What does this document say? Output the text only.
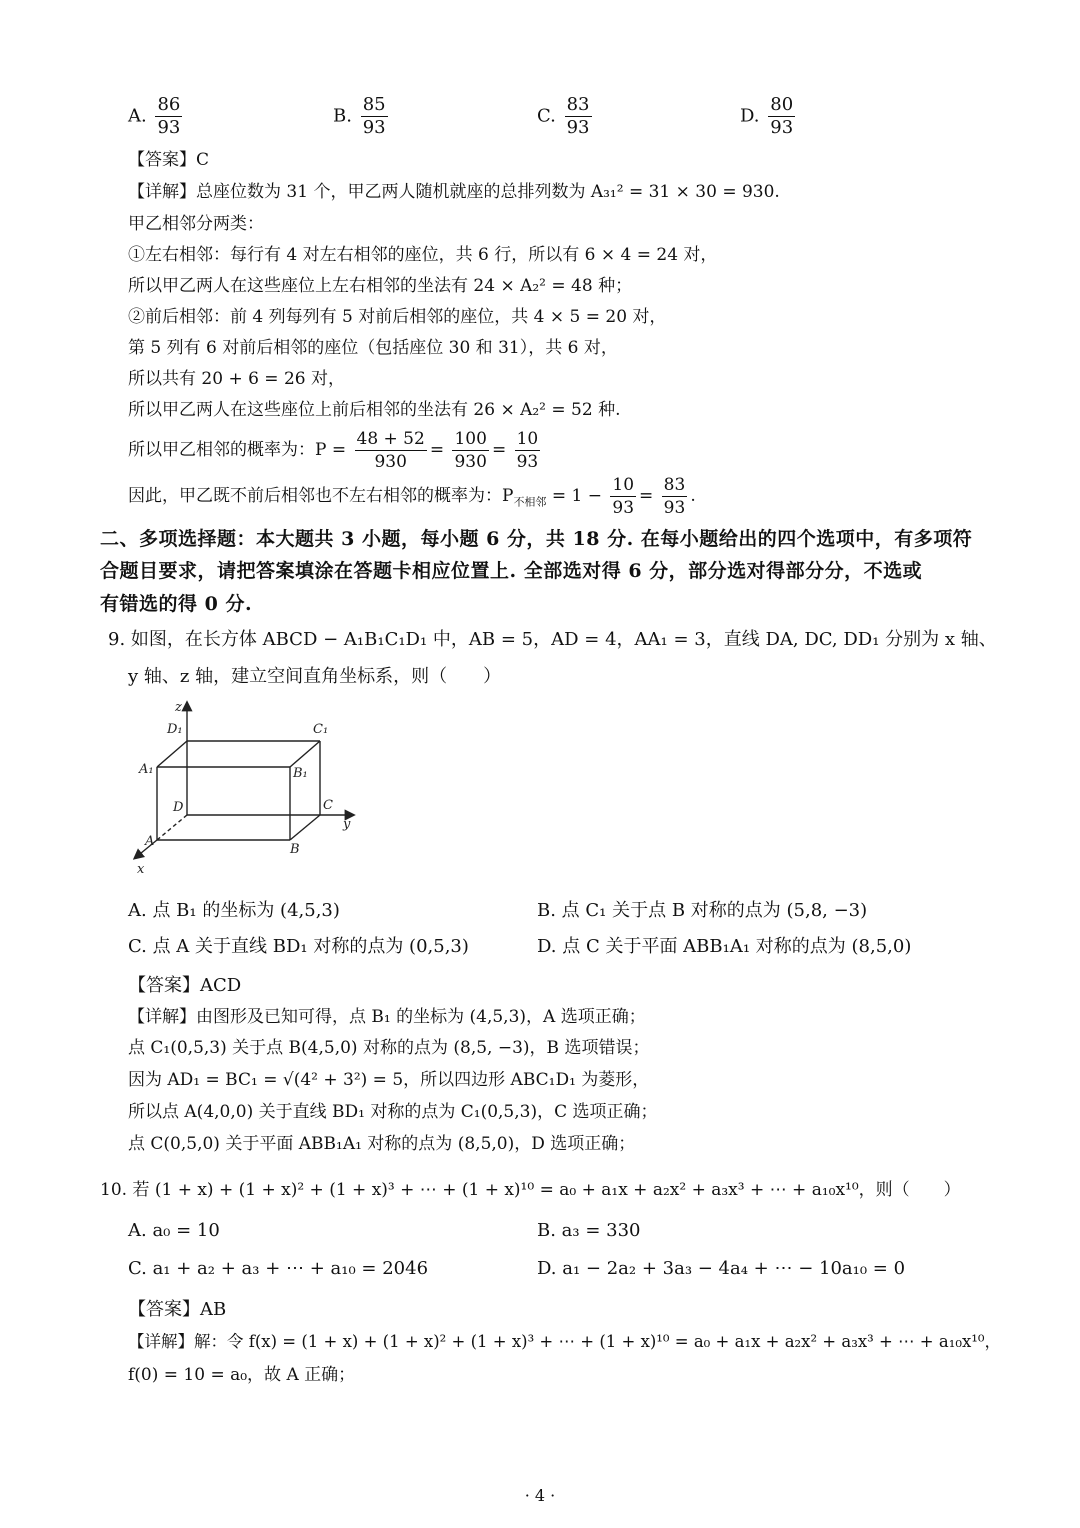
A. $\frac{86}{93}$	B. $\frac{85}{93}$	C. $\frac{83}{93}$	D. $\frac{80}{93}$
【答案】C
【详解】总座位数为 31 个，甲乙两人随机就座的总排列数为 A₃₁² = 31 × 30 = 930.
甲乙相邻分两类：
①左右相邻：每行有 4 对左右相邻的座位，共 6 行，所以有 6 × 4 = 24 对，
所以甲乙两人在这些座位上左右相邻的坐法有 24 × A₂² = 48 种；
②前后相邻：前 4 列每列有 5 对前后相邻的座位，共 4 × 5 = 20 对，
第 5 列有 6 对前后相邻的座位（包括座位 30 和 31），共 6 对，
所以共有 20 + 6 = 26 对，
所以甲乙两人在这些座位上前后相邻的坐法有 26 × A₂² = 52 种.
所以甲乙相邻的概率为：$P = \frac{48 + 52}{930} = \frac{100}{930} = \frac{10}{93}$
因此，甲乙既不前后相邻也不左右相邻的概率为：$P_{不相邻} = 1 - \frac{10}{93} = \frac{83}{93}$ .
二、多项选择题：本大题共 3 小题，每小题 6 分，共 18 分. 在每小题给出的四个选项中，有多项符
合题目要求，请把答案填涂在答题卡相应位置上. 全部选对得 6 分，部分选对得部分分，不选或
有错选的得 0 分.
9. 如图，在长方体 ABCD − A₁B₁C₁D₁ 中，AB = 5，AD = 4，AA₁ = 3，直线 DA, DC, DD₁ 分别为 x 轴、
y 轴、z 轴，建立空间直角坐标系，则（　　）
z
D₁	C₁
A₁	B₁
D	C
y
A
B
x
A. 点 B₁ 的坐标为 (4,5,3)	B. 点 C₁ 关于点 B 对称的点为 (5,8, −3)
C. 点 A 关于直线 BD₁ 对称的点为 (0,5,3)	D. 点 C 关于平面 ABB₁A₁ 对称的点为 (8,5,0)
【答案】ACD
【详解】由图形及已知可得，点 B₁ 的坐标为 (4,5,3)，A 选项正确；
点 C₁(0,5,3) 关于点 B(4,5,0) 对称的点为 (8,5, −3)，B 选项错误；
因为 AD₁ = BC₁ = √(4² + 3²) = 5，所以四边形 ABC₁D₁ 为菱形，
所以点 A(4,0,0) 关于直线 BD₁ 对称的点为 C₁(0,5,3)，C 选项正确；
点 C(0,5,0) 关于平面 ABB₁A₁ 对称的点为 (8,5,0)，D 选项正确；
10. 若 (1 + x) + (1 + x)² + (1 + x)³ + ⋯ + (1 + x)¹⁰ = a₀ + a₁x + a₂x² + a₃x³ + ⋯ + a₁₀x¹⁰，则（　　）
A. a₀ = 10	B. a₃ = 330
C. a₁ + a₂ + a₃ + ⋯ + a₁₀ = 2046	D. a₁ − 2a₂ + 3a₃ − 4a₄ + ⋯ − 10a₁₀ = 0
【答案】AB
【详解】解：令 f(x) = (1 + x) + (1 + x)² + (1 + x)³ + ⋯ + (1 + x)¹⁰ = a₀ + a₁x + a₂x² + a₃x³ + ⋯ + a₁₀x¹⁰，
f(0) = 10 = a₀，故 A 正确；
· 4 ·
